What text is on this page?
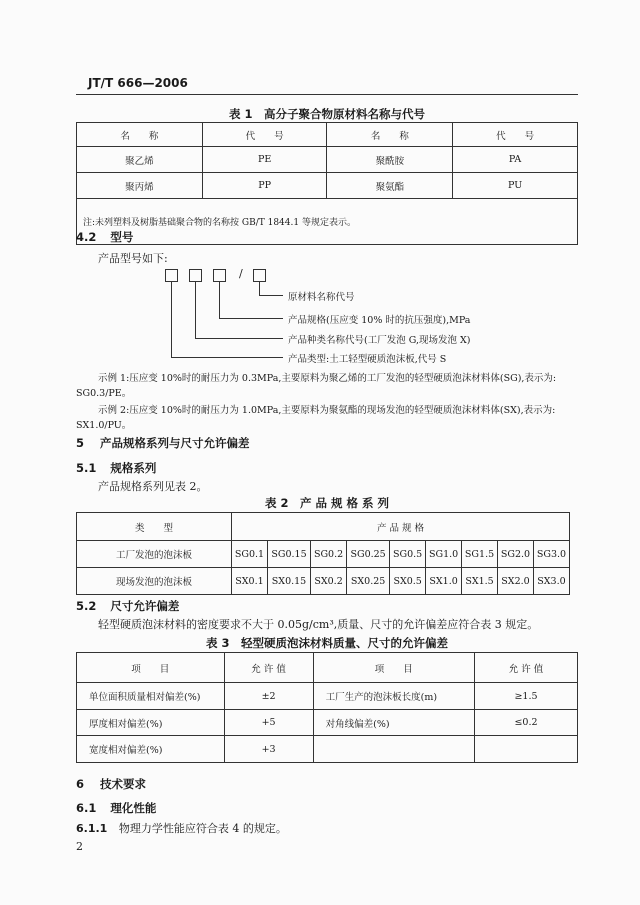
JT/T 666—2006
表 1　高分子聚合物原材料名称与代号
名　　称	代　　号	名　　称	代　　号
聚乙烯	PE	聚酰胺	PA
聚丙烯	PP	聚氨酯	PU
注:未列塑料及树脂基础聚合物的名称按 GB/T 1844.1 等规定表示。			
4.2 型号
产品型号如下:
/
原材料名称代号
产品规格(压应变 10% 时的抗压强度),MPa
产品种类名称代号(工厂发泡 G,现场发泡 X)
产品类型:土工轻型硬质泡沫板,代号 S
示例 1:压应变 10%时的耐压力为 0.3MPa,主要原料为聚乙烯的工厂发泡的轻型硬质泡沫材料体(SG),表示为:
SG0.3/PE。
示例 2:压应变 10%时的耐压力为 1.0MPa,主要原料为聚氨酯的现场发泡的轻型硬质泡沫材料体(SX),表示为:
SX1.0/PU。
5 产品规格系列与尺寸允许偏差
5.1 规格系列
产品规格系列见表 2。
表 2　产 品 规 格 系 列
类　　型	产 品 规 格								
工厂发泡的泡沫板	SG0.1	SG0.15	SG0.2	SG0.25	SG0.5	SG1.0	SG1.5	SG2.0	SG3.0
现场发泡的泡沫板	SX0.1	SX0.15	SX0.2	SX0.25	SX0.5	SX1.0	SX1.5	SX2.0	SX3.0
5.2 尺寸允许偏差
轻型硬质泡沫材料的密度要求不大于 0.05g/cm³,质量、尺寸的允许偏差应符合表 3 规定。
表 3　轻型硬质泡沫材料质量、尺寸的允许偏差
项　　目	允 许 值	项　　目	允 许 值
单位面积质量相对偏差(%)	±2	工厂生产的泡沫板长度(m)	≥1.5
厚度相对偏差(%)	+5	对角线偏差(%)	≤0.2
宽度相对偏差(%)	+3		
6 技术要求
6.1 理化性能
6.1.1 物理力学性能应符合表 4 的规定。
2
